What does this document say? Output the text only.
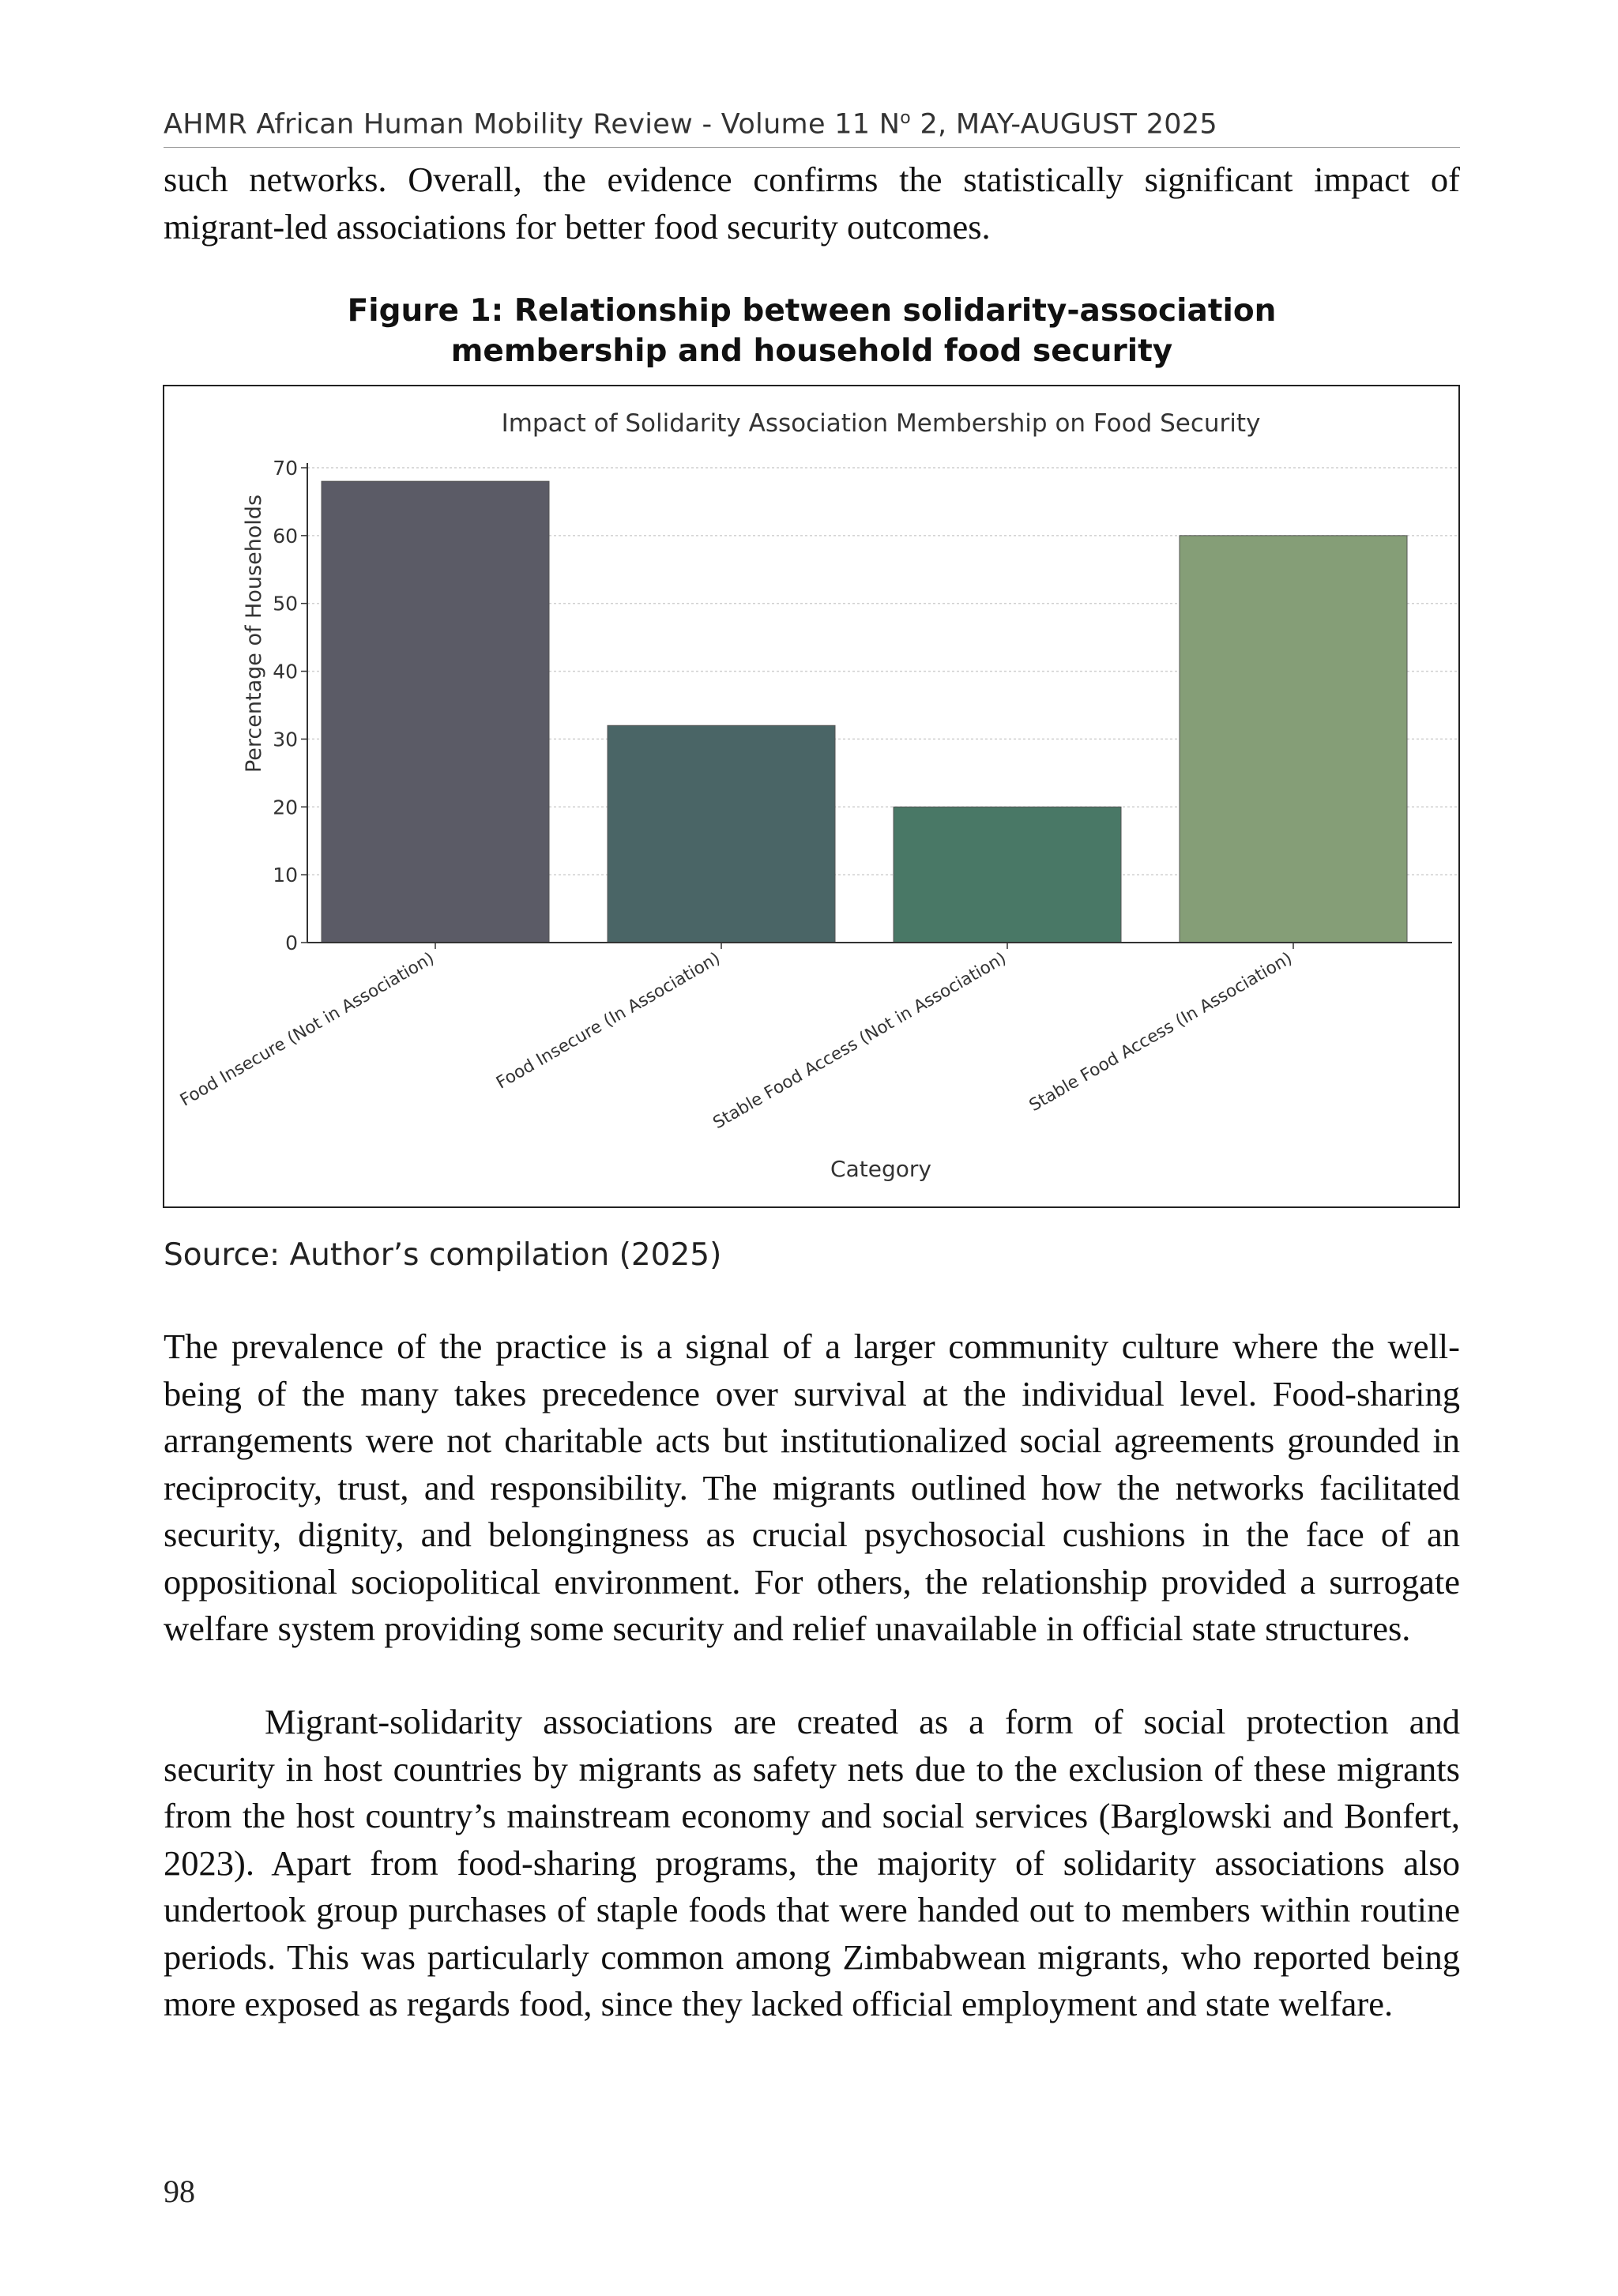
AHMR African Human Mobility Review - Volume 11 $N^o$ 2, MAY-AUGUST 2025

such networks. Overall, the evidence confirms the statistically significant impact of migrant-led associations for better food security outcomes.

Figure 1: Relationship between solidarity-association
membership and household food security
0
10
20
30
40
50
60
70
Food Insecure (Not in Association)	Food Insecure (In Association)
Stable Food Access (Not in Association) Stable Food Access (In Association)
Impact of Solidarity Association Membership on Food Security
Category
Percentage of Households

Source: Author’s compilation (2025)

The prevalence of the practice is a signal of a larger community culture where the well-being of the many takes precedence over survival at the individual level. Food-sharing arrangements were not charitable acts but institutionalized social agreements grounded in reciprocity, trust, and responsibility. The migrants outlined how the networks facilitated security, dignity, and belongingness as crucial psychosocial cushions in the face of an oppositional sociopolitical environment. For others, the relationship provided a surrogate welfare system providing some security and relief unavailable in official state structures.

Migrant-solidarity associations are created as a form of social protection and security in host countries by migrants as safety nets due to the exclusion of these migrants from the host country’s mainstream economy and social services (Barglowski and Bonfert, 2023). Apart from food-sharing programs, the majority of solidarity associations also undertook group purchases of staple foods that were handed out to members within routine periods. This was particularly common among Zimbabwean migrants, who reported being more exposed as regards food, since they lacked official employment and state welfare.

98
